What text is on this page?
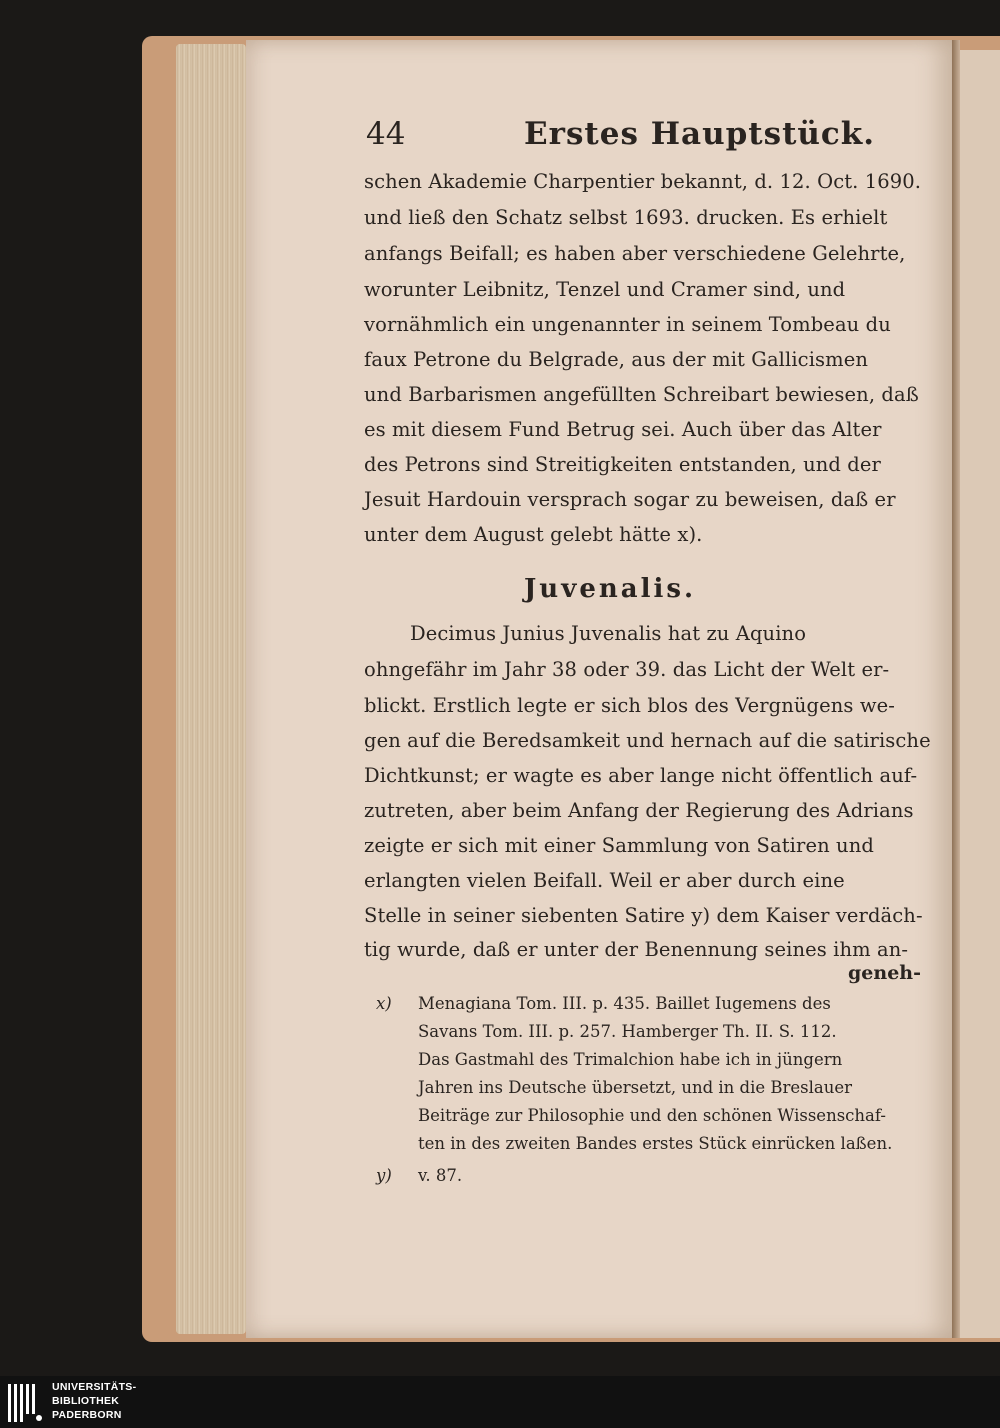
44	Erstes Hauptstück.

schen Akademie Charpentier bekannt, d. 12. Oct. 1690.

und ließ den Schatz selbst 1693. drucken. Es erhielt

anfangs Beifall; es haben aber verschiedene Gelehrte,

worunter Leibnitz, Tenzel und Cramer sind, und

vornähmlich ein ungenannter in seinem Tombeau du

faux Petrone du Belgrade, aus der mit Gallicismen

und Barbarismen angefüllten Schreibart bewiesen, daß

es mit diesem Fund Betrug sei. Auch über das Alter

des Petrons sind Streitigkeiten entstanden, und der

Jesuit Hardouin versprach sogar zu beweisen, daß er

unter dem August gelebt hätte x).

Juvenalis.

Decimus Junius Juvenalis hat zu Aquino

ohngefähr im Jahr 38 oder 39. das Licht der Welt er-

blickt. Erstlich legte er sich blos des Vergnügens we-

gen auf die Beredsamkeit und hernach auf die satirische

Dichtkunst; er wagte es aber lange nicht öffentlich auf-

zutreten, aber beim Anfang der Regierung des Adrians

zeigte er sich mit einer Sammlung von Satiren und

erlangten vielen Beifall. Weil er aber durch eine

Stelle in seiner siebenten Satire y) dem Kaiser verdäch-

tig wurde, daß er unter der Benennung seines ihm an-

geneh-

x) Menagiana Tom. III. p. 435. Baillet Iugemens des

Savans Tom. III. p. 257. Hamberger Th. II. S. 112.

Das Gastmahl des Trimalchion habe ich in jüngern

Jahren ins Deutsche übersetzt, und in die Breslauer

Beiträge zur Philosophie und den schönen Wissenschaf-

ten in des zweiten Bandes erstes Stück einrücken laßen.

y) v. 87.

UNIVERSITÄTS-
BIBLIOTHEK
PADERBORN
